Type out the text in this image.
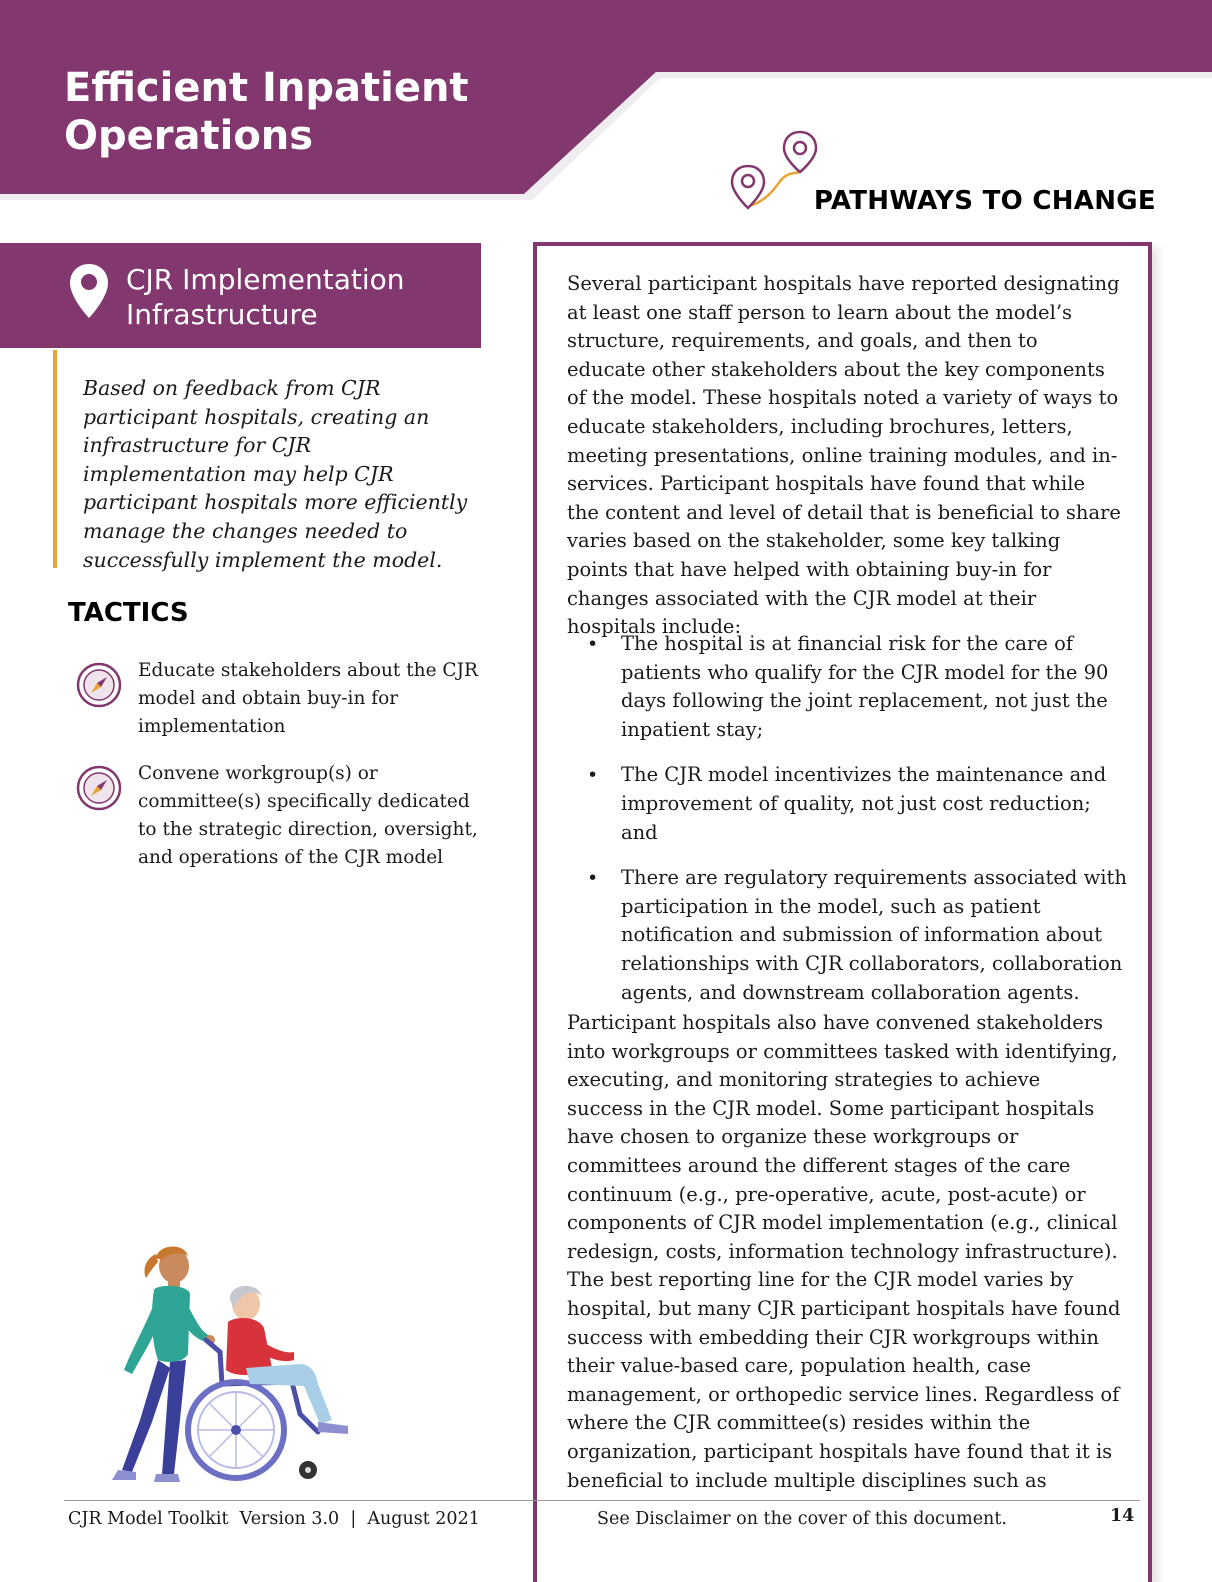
Efficient Inpatient Operations
PATHWAYS TO CHANGE
CJR Implementation Infrastructure
Based on feedback from CJR participant hospitals, creating an infrastructure for CJR implementation may help CJR participant hospitals more efficiently manage the changes needed to successfully implement the model.
TACTICS
Educate stakeholders about the CJR model and obtain buy-in for implementation
Convene workgroup(s) or committee(s) specifically dedicated to the strategic direction, oversight, and operations of the CJR model

Several participant hospitals have reported designating at least one staff person to learn about the model’s structure, requirements, and goals, and then to educate other stakeholders about the key components of the model. These hospitals noted a variety of ways to educate stakeholders, including brochures, letters, meeting presentations, online training modules, and in-services. Participant hospitals have found that while the content and level of detail that is beneficial to share varies based on the stakeholder, some key talking points that have helped with obtaining buy-in for changes associated with the CJR model at their hospitals include:

• The hospital is at financial risk for the care of patients who qualify for the CJR model for the 90 days following the joint replacement, not just the inpatient stay;
• The CJR model incentivizes the maintenance and improvement of quality, not just cost reduction; and
• There are regulatory requirements associated with participation in the model, such as patient notification and submission of information about relationships with CJR collaborators, collaboration agents, and downstream collaboration agents.

Participant hospitals also have convened stakeholders into workgroups or committees tasked with identifying, executing, and monitoring strategies to achieve success in the CJR model. Some participant hospitals have chosen to organize these workgroups or committees around the different stages of the care continuum (e.g., pre-operative, acute, post-acute) or components of CJR model implementation (e.g., clinical redesign, costs, information technology infrastructure). The best reporting line for the CJR model varies by hospital, but many CJR participant hospitals have found success with embedding their CJR workgroups within their value-based care, population health, case management, or orthopedic service lines. Regardless of where the CJR committee(s) resides within the organization, participant hospitals have found that it is beneficial to include multiple disciplines such as

CJR Model Toolkit  Version 3.0  |  August 2021	See Disclaimer on the cover of this document.	14
